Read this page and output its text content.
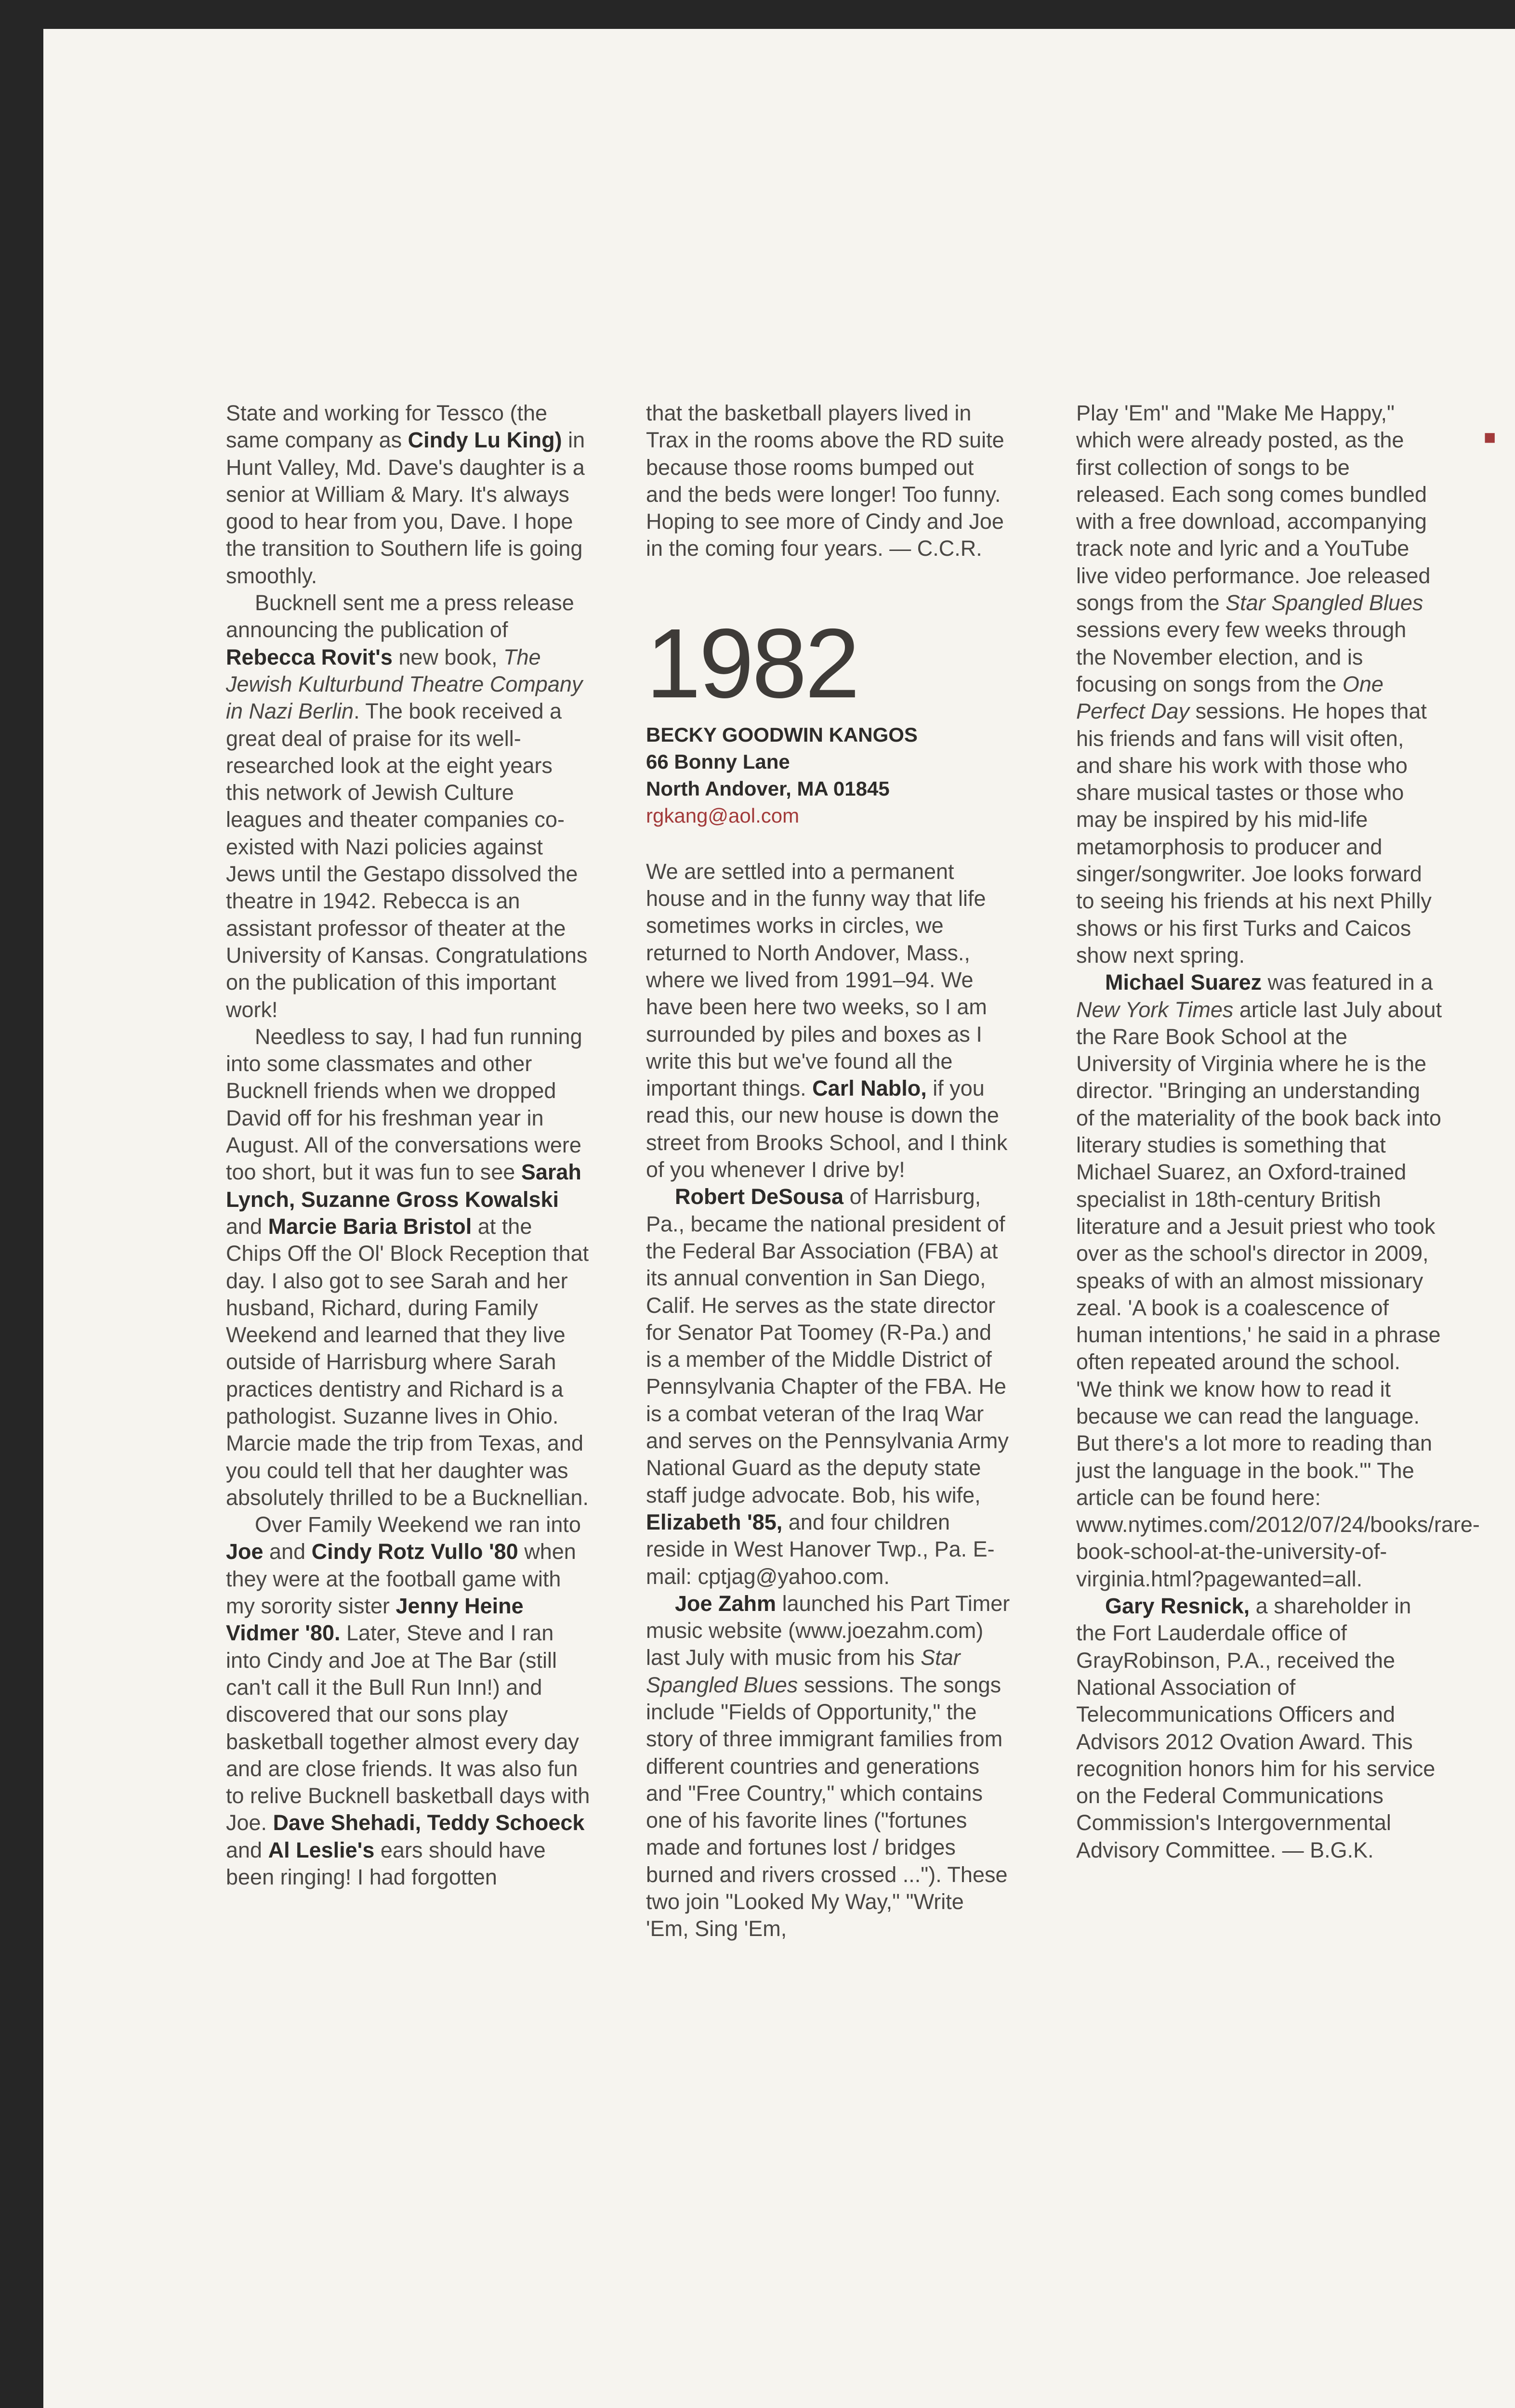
State and working for Tessco (the same company as Cindy Lu King) in Hunt Valley, Md. Dave's daughter is a senior at William & Mary. It's always good to hear from you, Dave. I hope the transition to Southern life is going smoothly.

Bucknell sent me a press release announcing the publication of Rebecca Rovit's new book, The Jewish Kulturbund Theatre Company in Nazi Berlin. The book received a great deal of praise for its well-researched look at the eight years this network of Jewish Culture leagues and theater companies co-existed with Nazi policies against Jews until the Gestapo dissolved the theatre in 1942. Rebecca is an assistant professor of theater at the University of Kansas. Congratulations on the publication of this important work!

Needless to say, I had fun running into some classmates and other Bucknell friends when we dropped David off for his freshman year in August. All of the conversations were too short, but it was fun to see Sarah Lynch, Suzanne Gross Kowalski and Marcie Baria Bristol at the Chips Off the Ol' Block Reception that day. I also got to see Sarah and her husband, Richard, during Family Weekend and learned that they live outside of Harrisburg where Sarah practices dentistry and Richard is a pathologist. Suzanne lives in Ohio. Marcie made the trip from Texas, and you could tell that her daughter was absolutely thrilled to be a Bucknellian.

Over Family Weekend we ran into Joe and Cindy Rotz Vullo '80 when they were at the football game with my sorority sister Jenny Heine Vidmer '80. Later, Steve and I ran into Cindy and Joe at The Bar (still can't call it the Bull Run Inn!) and discovered that our sons play basketball together almost every day and are close friends. It was also fun to relive Bucknell basketball days with Joe. Dave Shehadi, Teddy Schoeck and Al Leslie's ears should have been ringing! I had forgotten

that the basketball players lived in Trax in the rooms above the RD suite because those rooms bumped out and the beds were longer! Too funny. Hoping to see more of Cindy and Joe in the coming four years. — C.C.R.

1982
BECKY GOODWIN KANGOS
66 Bonny Lane
North Andover, MA 01845
rgkang@aol.com

We are settled into a permanent house and in the funny way that life sometimes works in circles, we returned to North Andover, Mass., where we lived from 1991–94. We have been here two weeks, so I am surrounded by piles and boxes as I write this but we've found all the important things. Carl Nablo, if you read this, our new house is down the street from Brooks School, and I think of you whenever I drive by!

Robert DeSousa of Harrisburg, Pa., became the national president of the Federal Bar Association (FBA) at its annual convention in San Diego, Calif. He serves as the state director for Senator Pat Toomey (R-Pa.) and is a member of the Middle District of Pennsylvania Chapter of the FBA. He is a combat veteran of the Iraq War and serves on the Pennsylvania Army National Guard as the deputy state staff judge advocate. Bob, his wife, Elizabeth '85, and four children reside in West Hanover Twp., Pa. E-mail: cptjag@yahoo.com.

Joe Zahm launched his Part Timer music website (www.joezahm.com) last July with music from his Star Spangled Blues sessions. The songs include "Fields of Opportunity," the story of three immigrant families from different countries and generations and "Free Country," which contains one of his favorite lines ("fortunes made and fortunes lost / bridges burned and rivers crossed ..."). These two join "Looked My Way," "Write 'Em, Sing 'Em,

Play 'Em" and "Make Me Happy," which were already posted, as the first collection of songs to be released. Each song comes bundled with a free download, accompanying track note and lyric and a YouTube live video performance. Joe released songs from the Star Spangled Blues sessions every few weeks through the November election, and is focusing on songs from the One Perfect Day sessions. He hopes that his friends and fans will visit often, and share his work with those who share musical tastes or those who may be inspired by his mid-life metamorphosis to producer and singer/songwriter. Joe looks forward to seeing his friends at his next Philly shows or his first Turks and Caicos show next spring.

Michael Suarez was featured in a New York Times article last July about the Rare Book School at the University of Virginia where he is the director. "Bringing an understanding of the materiality of the book back into literary studies is something that Michael Suarez, an Oxford-trained specialist in 18th-century British literature and a Jesuit priest who took over as the school's director in 2009, speaks of with an almost missionary zeal. 'A book is a coalescence of human intentions,' he said in a phrase often repeated around the school. 'We think we know how to read it because we can read the language. But there's a lot more to reading than just the language in the book.'" The article can be found here: www.nytimes.com/2012/07/24/books/rare-book-school-at-the-university-of-virginia.html?pagewanted=all.

Gary Resnick, a shareholder in the Fort Lauderdale office of GrayRobinson, P.A., received the National Association of Telecommunications Officers and Advisors 2012 Ovation Award. This recognition honors him for his service on the Federal Communications Commission's Intergovernmental Advisory Committee. — B.G.K.

■
